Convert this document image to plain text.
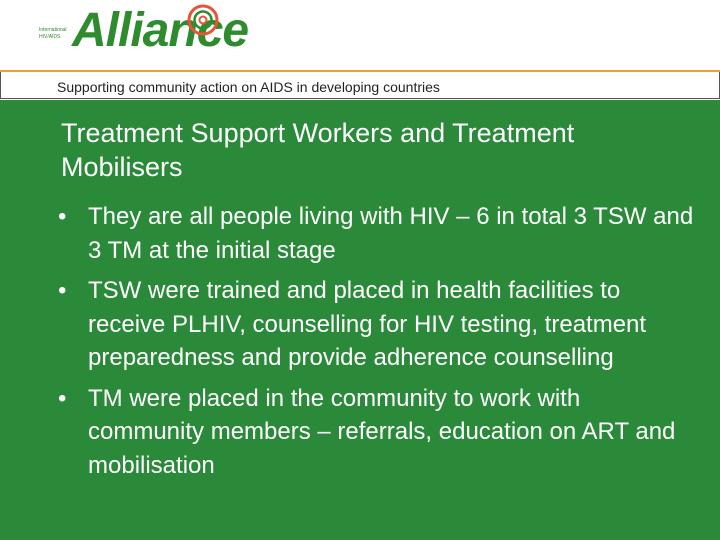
International HIV/AIDS Alliance
Supporting community action on AIDS in developing countries
Treatment Support Workers and Treatment Mobilisers
• They are all people living with HIV – 6 in total 3 TSW and 3 TM at the initial stage
• TSW were trained and placed in health facilities to receive PLHIV, counselling for HIV testing, treatment preparedness and provide adherence counselling
• TM were placed in the community to work with community members – referrals, education on ART and mobilisation
